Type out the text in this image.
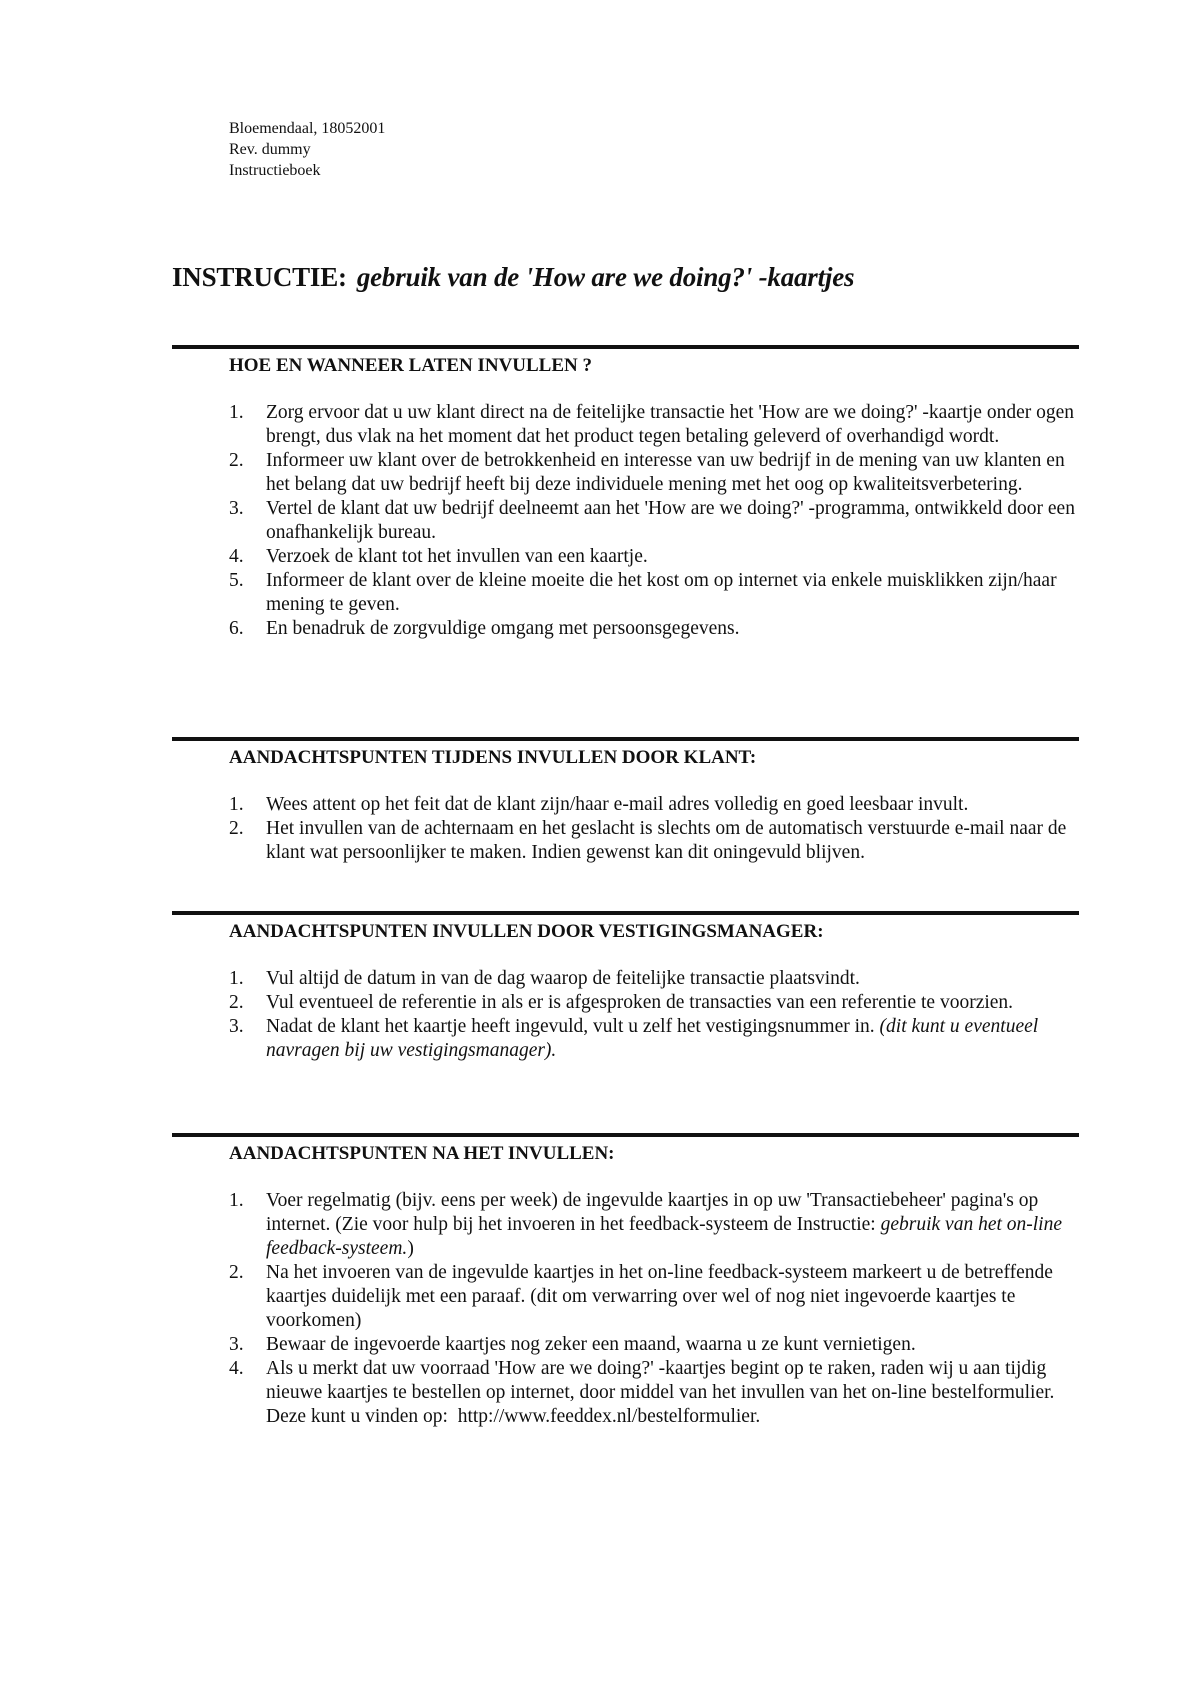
Bloemendaal, 18052001
Rev. dummy
Instructieboek
INSTRUCTIE: gebruik van de 'How are we doing?' -kaartjes
HOE EN WANNEER LATEN INVULLEN ?
1.	Zorg ervoor dat u uw klant direct na de feitelijke transactie het 'How are we doing?' -kaartje onder ogen brengt, dus vlak na het moment dat het product tegen betaling geleverd of overhandigd wordt.
2.	Informeer uw klant over de betrokkenheid en interesse van uw bedrijf in de mening van uw klanten en het belang dat uw bedrijf heeft bij deze individuele mening met het oog op kwaliteitsverbetering.
3.	Vertel de klant dat uw bedrijf deelneemt aan het 'How are we doing?' -programma, ontwikkeld door een onafhankelijk bureau.
4.	Verzoek de klant tot het invullen van een kaartje.
5.	Informeer de klant over de kleine moeite die het kost om op internet via enkele muisklikken zijn/haar mening te geven.
6.	En benadruk de zorgvuldige omgang met persoonsgegevens.
AANDACHTSPUNTEN TIJDENS INVULLEN DOOR KLANT:
1.	Wees attent op het feit dat de klant zijn/haar e-mail adres volledig en goed leesbaar invult.
2.	Het invullen van de achternaam en het geslacht is slechts om de automatisch verstuurde e-mail naar de klant wat persoonlijker te maken. Indien gewenst kan dit oningevuld blijven.
AANDACHTSPUNTEN INVULLEN DOOR VESTIGINGSMANAGER:
1.	Vul altijd de datum in van de dag waarop de feitelijke transactie plaatsvindt.
2.	Vul eventueel de referentie in als er is afgesproken de transacties van een referentie te voorzien.
3.	Nadat de klant het kaartje heeft ingevuld, vult u zelf het vestigingsnummer in. (dit kunt u eventueel navragen bij uw vestigingsmanager).
AANDACHTSPUNTEN NA HET INVULLEN:
1.	Voer regelmatig (bijv. eens per week) de ingevulde kaartjes in op uw 'Transactiebeheer' pagina's op internet. (Zie voor hulp bij het invoeren in het feedback-systeem de Instructie: gebruik van het on-line feedback-systeem.)
2.	Na het invoeren van de ingevulde kaartjes in het on-line feedback-systeem markeert u de betreffende kaartjes duidelijk met een paraaf. (dit om verwarring over wel of nog niet ingevoerde kaartjes te voorkomen)
3.	Bewaar de ingevoerde kaartjes nog zeker een maand, waarna u ze kunt vernietigen.
4.	Als u merkt dat uw voorraad 'How are we doing?' -kaartjes begint op te raken, raden wij u aan tijdig nieuwe kaartjes te bestellen op internet, door middel van het invullen van het on-line bestelformulier. Deze kunt u vinden op: http://www.feeddex.nl/bestelformulier.
